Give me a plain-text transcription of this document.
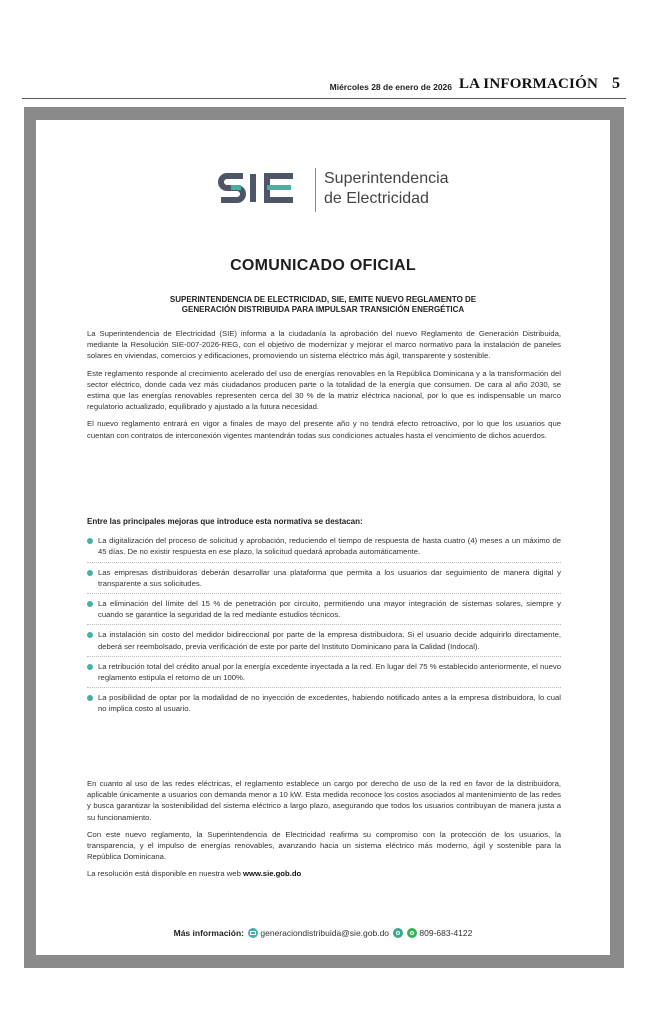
Miércoles 28 de enero de 2026 LA INFORMACIÓN 5
Superintendencia
de Electricidad
COMUNICADO OFICIAL
SUPERINTENDENCIA DE ELECTRICIDAD, SIE, EMITE NUEVO REGLAMENTO DE
GENERACIÓN DISTRIBUIDA PARA IMPULSAR TRANSICIÓN ENERGÉTICA

La Superintendencia de Electricidad (SIE) informa a la ciudadanía la aprobación del nuevo Reglamento de Generación Distribuida, mediante la Resolución SIE-007-2026-REG, con el objetivo de modernizar y mejorar el marco normativo para la instalación de paneles solares en viviendas, comercios y edificaciones, promoviendo un sistema eléctrico más ágil, transparente y sostenible.

Este reglamento responde al crecimiento acelerado del uso de energías renovables en la República Dominicana y a la transformación del sector eléctrico, donde cada vez más ciudadanos producen parte o la totalidad de la energía que consumen. De cara al año 2030, se estima que las energías renovables representen cerca del 30 % de la matriz eléctrica nacional, por lo que es indispensable un marco regulatorio actualizado, equilibrado y ajustado a la futura necesidad.

El nuevo reglamento entrará en vigor a finales de mayo del presente año y no tendrá efecto retroactivo, por lo que los usuarios que cuentan con contratos de interconexión vigentes mantendrán todas sus condiciones actuales hasta el vencimiento de dichos acuerdos.

Entre las principales mejoras que introduce esta normativa se destacan:
La digitalización del proceso de solicitud y aprobación, reduciendo el tiempo de respuesta de hasta cuatro (4) meses a un máximo de 45 días. De no existir respuesta en ese plazo, la solicitud quedará aprobada automáticamente.
Las empresas distribuidoras deberán desarrollar una plataforma que permita a los usuarios dar seguimiento de manera digital y transparente a sus solicitudes.
La eliminación del límite del 15 % de penetración por circuito, permitiendo una mayor integración de sistemas solares, siempre y cuando se garantice la seguridad de la red mediante estudios técnicos.
La instalación sin costo del medidor bidireccional por parte de la empresa distribuidora. Si el usuario decide adquirirlo directamente, deberá ser reembolsado, previa verificación de este por parte del Instituto Dominicano para la Calidad (Indocal).
La retribución total del crédito anual por la energía excedente inyectada a la red. En lugar del 75 % establecido anteriormente, el nuevo reglamento estipula el retorno de un 100%.
La posibilidad de optar por la modalidad de no inyección de excedentes, habiendo notificado antes a la empresa distribuidora, lo cual no implica costo al usuario.

En cuanto al uso de las redes eléctricas, el reglamento establece un cargo por derecho de uso de la red en favor de la distribuidora, aplicable únicamente a usuarios con demanda menor a 10 kW. Esta medida reconoce los costos asociados al mantenimiento de las redes y busca garantizar la sostenibilidad del sistema eléctrico a largo plazo, asegurando que todos los usuarios contribuyan de manera justa a su funcionamiento.

Con este nuevo reglamento, la Superintendencia de Electricidad reafirma su compromiso con la protección de los usuarios, la transparencia, y el impulso de energías renovables, avanzando hacia un sistema eléctrico más moderno, ágil y sostenible para la República Dominicana.

La resolución está disponible en nuestra web www.sie.gob.do

Más información: generaciondistribuida@sie.gob.do	809-683-4122
